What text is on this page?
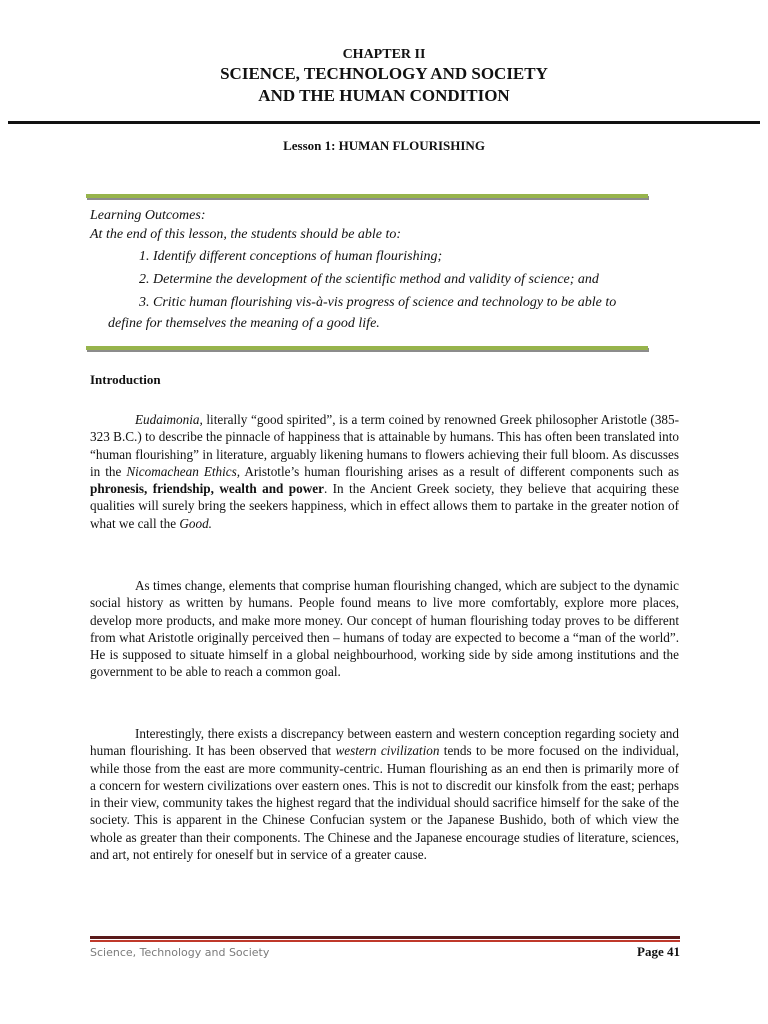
CHAPTER II
SCIENCE, TECHNOLOGY AND SOCIETY
AND THE HUMAN CONDITION
Lesson 1: HUMAN FLOURISHING
Learning Outcomes:
At the end of this lesson, the students should be able to:
1. Identify different conceptions of human flourishing;
2. Determine the development of the scientific method and validity of science; and
3. Critic human flourishing vis-à-vis progress of science and technology to be able to
define for themselves the meaning of a good life.
Introduction

Eudaimonia, literally “good spirited”, is a term coined by renowned Greek philosopher Aristotle (385-323 B.C.) to describe the pinnacle of happiness that is attainable by humans. This has often been translated into “human flourishing” in literature, arguably likening humans to flowers achieving their full bloom. As discusses in the Nicomachean Ethics, Aristotle’s human flourishing arises as a result of different components such as phronesis, friendship, wealth and power. In the Ancient Greek society, they believe that acquiring these qualities will surely bring the seekers happiness, which in effect allows them to partake in the greater notion of what we call the Good.

As times change, elements that comprise human flourishing changed, which are subject to the dynamic social history as written by humans. People found means to live more comfortably, explore more places, develop more products, and make more money. Our concept of human flourishing today proves to be different from what Aristotle originally perceived then – humans of today are expected to become a “man of the world”. He is supposed to situate himself in a global neighbourhood, working side by side among institutions and the government to be able to reach a common goal.

Interestingly, there exists a discrepancy between eastern and western conception regarding society and human flourishing. It has been observed that western civilization tends to be more focused on the individual, while those from the east are more community-centric. Human flourishing as an end then is primarily more of a concern for western civilizations over eastern ones. This is not to discredit our kinsfolk from the east; perhaps in their view, community takes the highest regard that the individual should sacrifice himself for the sake of the society. This is apparent in the Chinese Confucian system or the Japanese Bushido, both of which view the whole as greater than their components. The Chinese and the Japanese encourage studies of literature, sciences, and art, not entirely for oneself but in service of a greater cause.

Science, Technology and Society	Page 41
